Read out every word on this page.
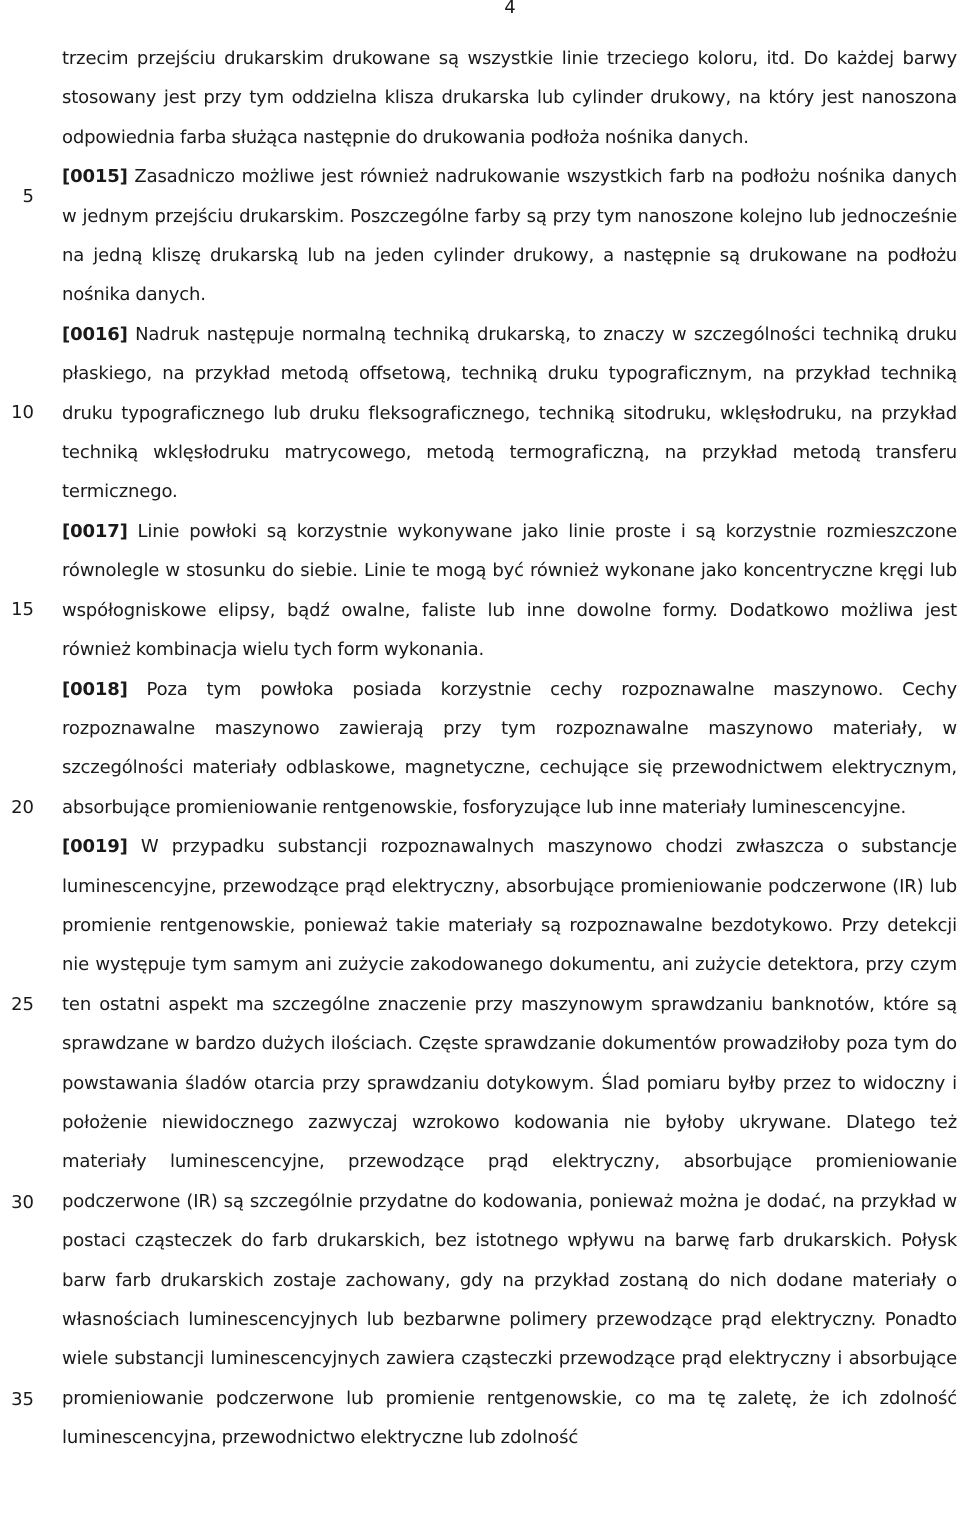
4
5
10
15
20
25
30
35

trzecim przejściu drukarskim drukowane są wszystkie linie trzeciego koloru, itd. Do każdej barwy stosowany jest przy tym oddzielna klisza drukarska lub cylinder drukowy, na który jest nanoszona odpowiednia farba służąca następnie do drukowania podłoża nośnika danych.

[0015] Zasadniczo możliwe jest również nadrukowanie wszystkich farb na podłożu nośnika danych w jednym przejściu drukarskim. Poszczególne farby są przy tym nanoszone kolejno lub jednocześnie na jedną kliszę drukarską lub na jeden cylinder drukowy, a następnie są drukowane na podłożu nośnika danych.

[0016] Nadruk następuje normalną techniką drukarską, to znaczy w szczególności techniką druku płaskiego, na przykład metodą offsetową, techniką druku typograficznym, na przykład techniką druku typograficznego lub druku fleksograficznego, techniką sitodruku, wklęsłodruku, na przykład techniką wklęsłodruku matrycowego, metodą termograficzną, na przykład metodą transferu termicznego.

[0017] Linie powłoki są korzystnie wykonywane jako linie proste i są korzystnie rozmieszczone równolegle w stosunku do siebie. Linie te mogą być również wykonane jako koncentryczne kręgi lub współogniskowe elipsy, bądź owalne, faliste lub inne dowolne formy. Dodatkowo możliwa jest również kombinacja wielu tych form wykonania.

[0018] Poza tym powłoka posiada korzystnie cechy rozpoznawalne maszynowo. Cechy rozpoznawalne maszynowo zawierają przy tym rozpoznawalne maszynowo materiały, w szczególności materiały odblaskowe, magnetyczne, cechujące się przewodnictwem elektrycznym, absorbujące promieniowanie rentgenowskie, fosforyzujące lub inne materiały luminescencyjne.

[0019] W przypadku substancji rozpoznawalnych maszynowo chodzi zwłaszcza o substancje luminescencyjne, przewodzące prąd elektryczny, absorbujące promieniowanie podczerwone (IR) lub promienie rentgenowskie, ponieważ takie materiały są rozpoznawalne bezdotykowo. Przy detekcji nie występuje tym samym ani zużycie zakodowanego dokumentu, ani zużycie detektora, przy czym ten ostatni aspekt ma szczególne znaczenie przy maszynowym sprawdzaniu banknotów, które są sprawdzane w bardzo dużych ilościach. Częste sprawdzanie dokumentów prowadziłoby poza tym do powstawania śladów otarcia przy sprawdzaniu dotykowym. Ślad pomiaru byłby przez to widoczny i położenie niewidocznego zazwyczaj wzrokowo kodowania nie byłoby ukrywane. Dlatego też materiały luminescencyjne, przewodzące prąd elektryczny, absorbujące promieniowanie podczerwone (IR) są szczególnie przydatne do kodowania, ponieważ można je dodać, na przykład w postaci cząsteczek do farb drukarskich, bez istotnego wpływu na barwę farb drukarskich. Połysk barw farb drukarskich zostaje zachowany, gdy na przykład zostaną do nich dodane materiały o własnościach luminescencyjnych lub bezbarwne polimery przewodzące prąd elektryczny. Ponadto wiele substancji luminescencyjnych zawiera cząsteczki przewodzące prąd elektryczny i absorbujące promieniowanie podczerwone lub promienie rentgenowskie, co ma tę zaletę, że ich zdolność luminescencyjna, przewodnictwo elektryczne lub zdolność
